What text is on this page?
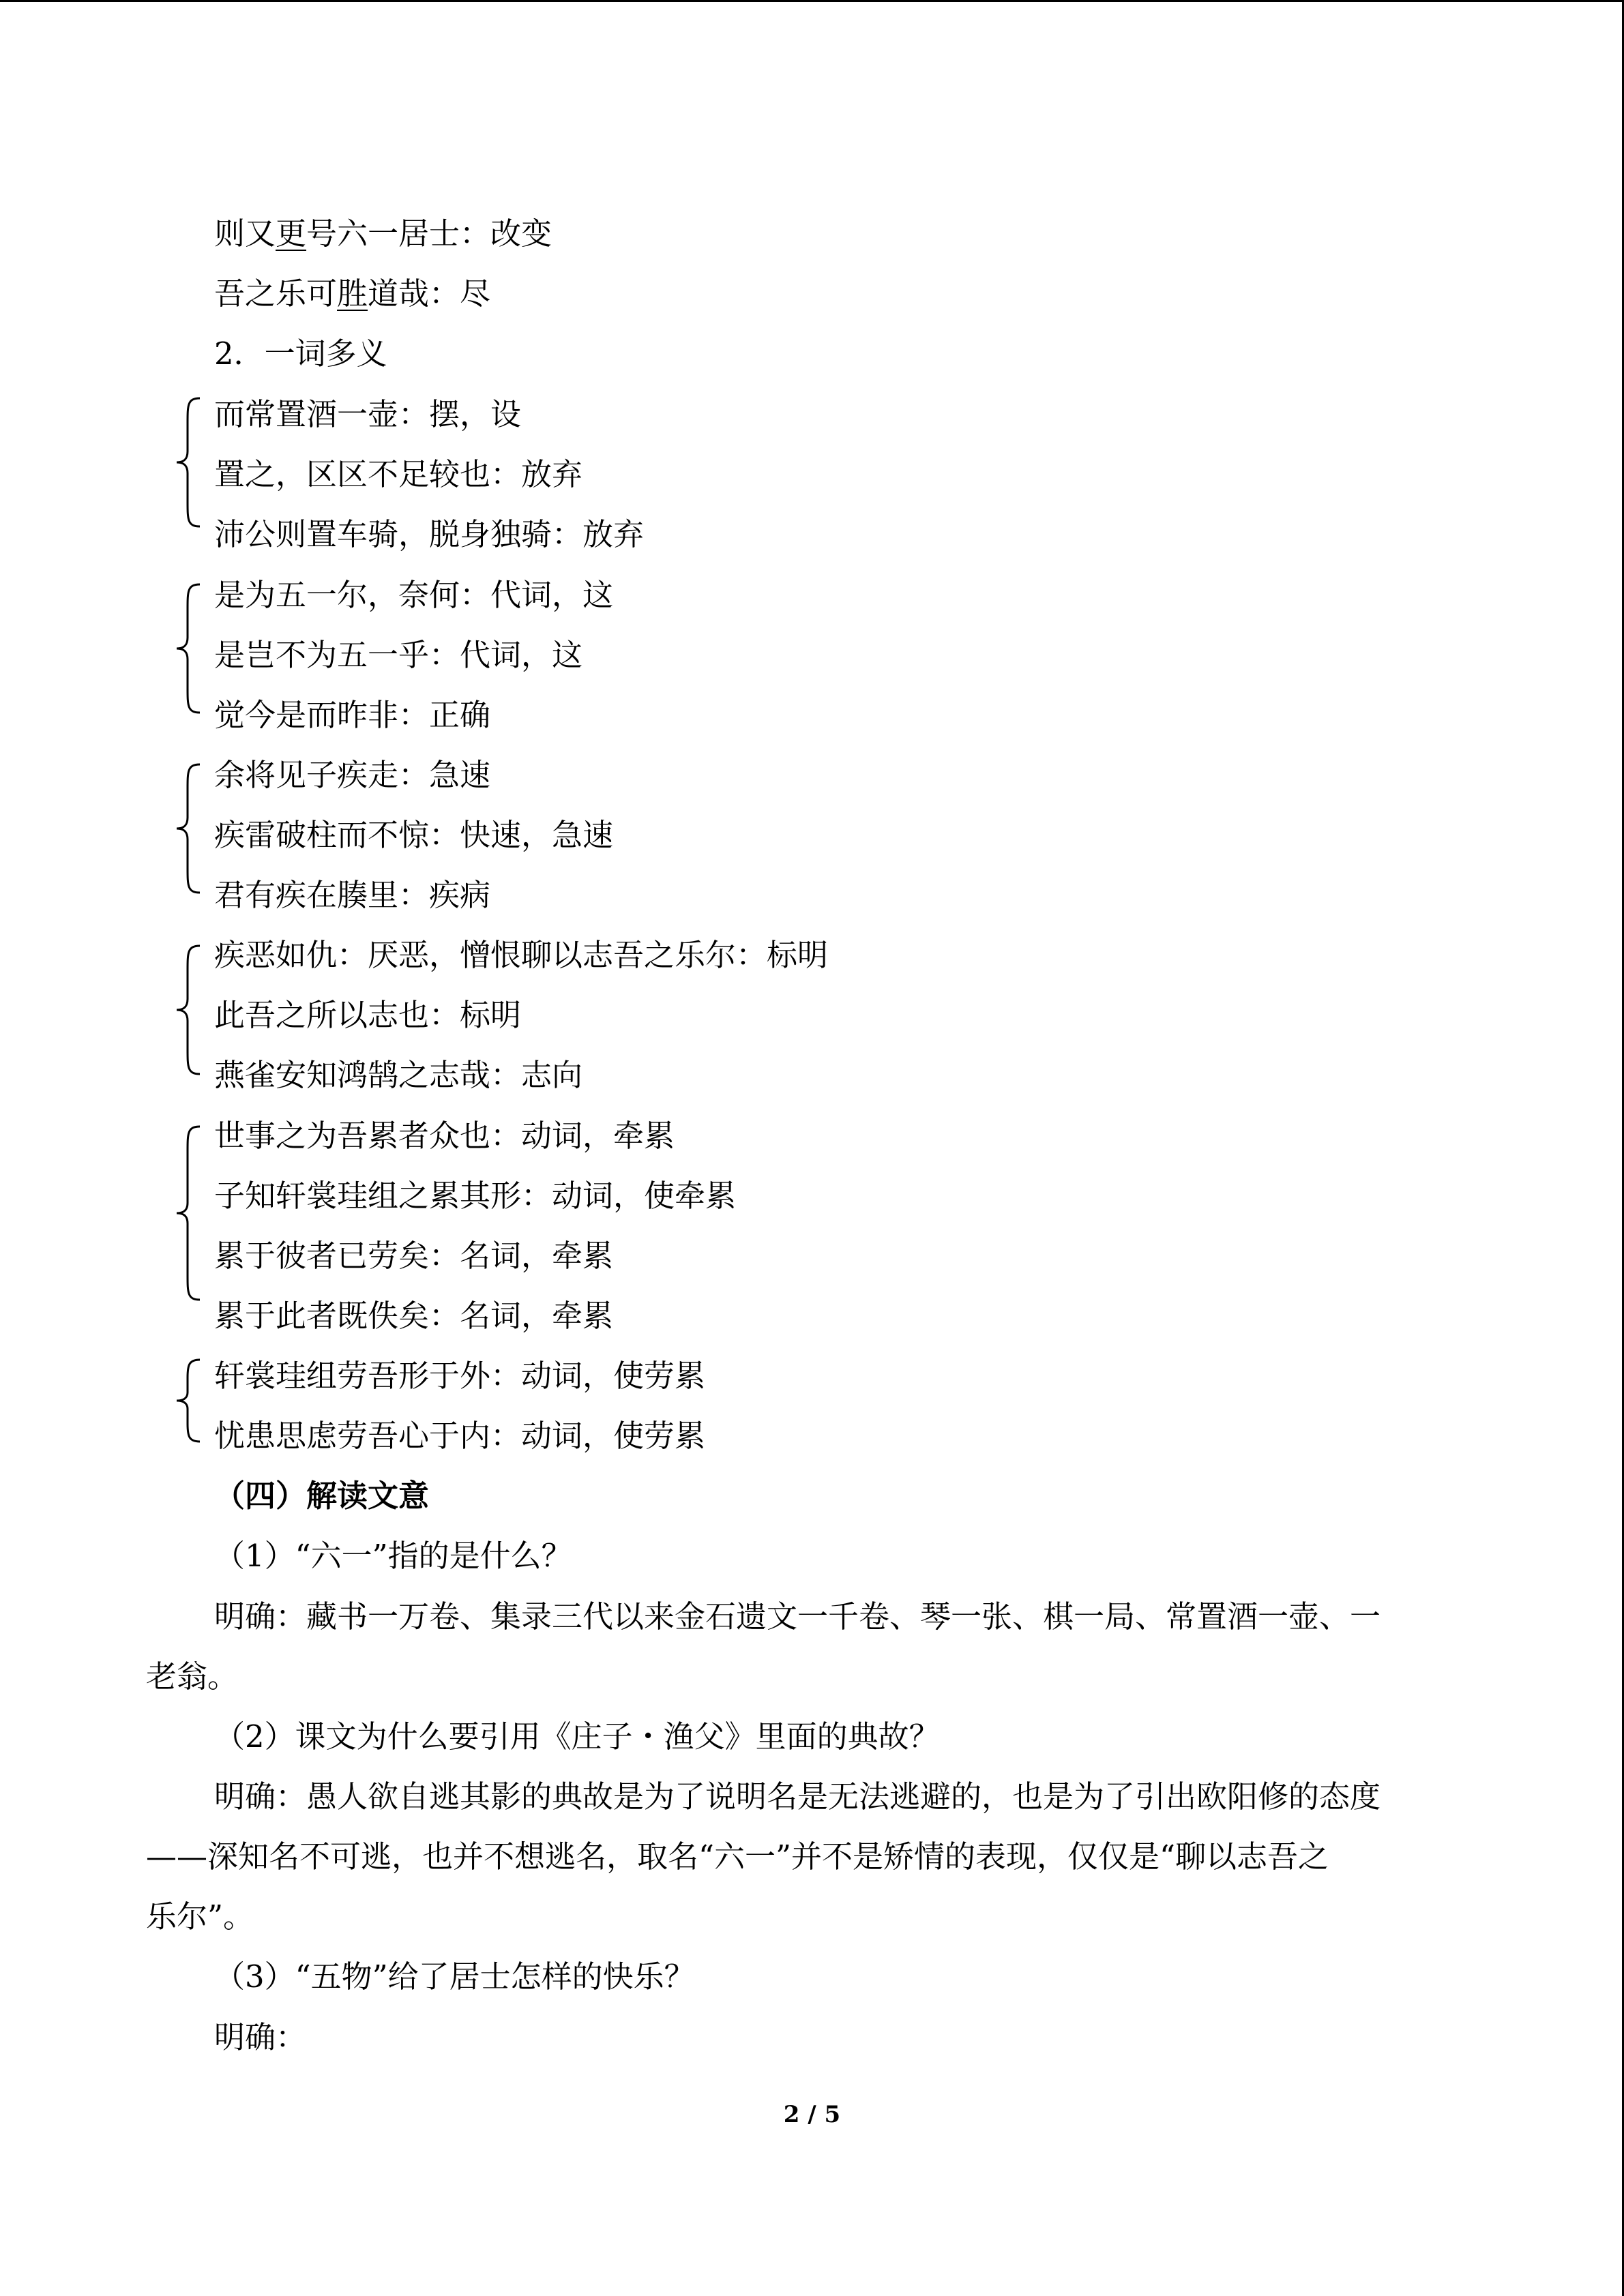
则又更号六一居士：改变
吾之乐可胜道哉：尽
2．一词多义
而常置酒一壶：摆，设
置之，区区不足较也：放弃
沛公则置车骑，脱身独骑：放弃
是为五一尔，奈何：代词，这
是岂不为五一乎：代词，这
觉今是而昨非：正确
余将见子疾走：急速
疾雷破柱而不惊：快速，急速
君有疾在腠里：疾病
疾恶如仇：厌恶，憎恨聊以志吾之乐尔：标明
此吾之所以志也：标明
燕雀安知鸿鹄之志哉：志向
世事之为吾累者众也：动词，牵累
子知轩裳珪组之累其形：动词，使牵累
累于彼者已劳矣：名词，牵累
累于此者既佚矣：名词，牵累
轩裳珪组劳吾形于外：动词，使劳累
忧患思虑劳吾心于内：动词，使劳累
（四）解读文意
（1）“六一”指的是什么？
明确：藏书一万卷、集录三代以来金石遗文一千卷、琴一张、棋一局、常置酒一壶、一
老翁。
（2）课文为什么要引用《庄子・渔父》里面的典故？
明确：愚人欲自逃其影的典故是为了说明名是无法逃避的，也是为了引出欧阳修的态度
——深知名不可逃，也并不想逃名，取名“六一”并不是矫情的表现，仅仅是“聊以志吾之
乐尔”。
（3）“五物”给了居士怎样的快乐？
明确：
2 / 5
